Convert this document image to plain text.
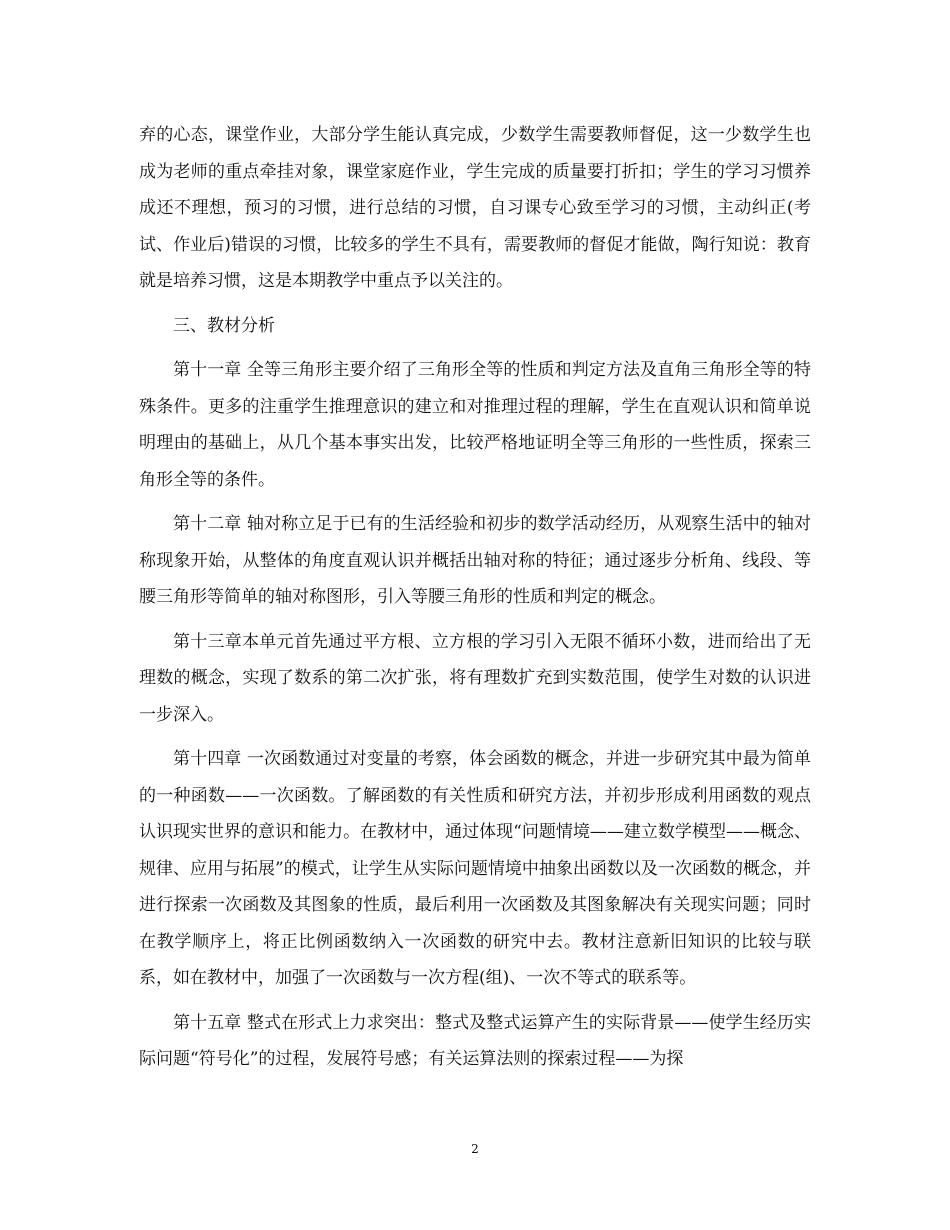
弃的心态，课堂作业，大部分学生能认真完成，少数学生需要教师督促，这一少数学生也成为老师的重点牵挂对象，课堂家庭作业，学生完成的质量要打折扣；学生的学习习惯养成还不理想，预习的习惯，进行总结的习惯，自习课专心致至学习的习惯，主动纠正(考试、作业后)错误的习惯，比较多的学生不具有，需要教师的督促才能做，陶行知说：教育就是培养习惯，这是本期教学中重点予以关注的。

三、教材分析

第十一章 全等三角形主要介绍了三角形全等的性质和判定方法及直角三角形全等的特殊条件。更多的注重学生推理意识的建立和对推理过程的理解，学生在直观认识和简单说明理由的基础上，从几个基本事实出发，比较严格地证明全等三角形的一些性质，探索三角形全等的条件。

第十二章 轴对称立足于已有的生活经验和初步的数学活动经历，从观察生活中的轴对称现象开始，从整体的角度直观认识并概括出轴对称的特征；通过逐步分析角、线段、等腰三角形等简单的轴对称图形，引入等腰三角形的性质和判定的概念。

第十三章本单元首先通过平方根、立方根的学习引入无限不循环小数，进而给出了无理数的概念，实现了数系的第二次扩张，将有理数扩充到实数范围，使学生对数的认识进一步深入。

第十四章 一次函数通过对变量的考察，体会函数的概念，并进一步研究其中最为简单的一种函数——一次函数。了解函数的有关性质和研究方法，并初步形成利用函数的观点认识现实世界的意识和能力。在教材中，通过体现“问题情境——建立数学模型——概念、规律、应用与拓展”的模式，让学生从实际问题情境中抽象出函数以及一次函数的概念，并进行探索一次函数及其图象的性质，最后利用一次函数及其图象解决有关现实问题；同时在教学顺序上，将正比例函数纳入一次函数的研究中去。教材注意新旧知识的比较与联系，如在教材中，加强了一次函数与一次方程(组)、一次不等式的联系等。

第十五章 整式在形式上力求突出：整式及整式运算产生的实际背景——使学生经历实际问题“符号化”的过程，发展符号感；有关运算法则的探索过程——为探

2
